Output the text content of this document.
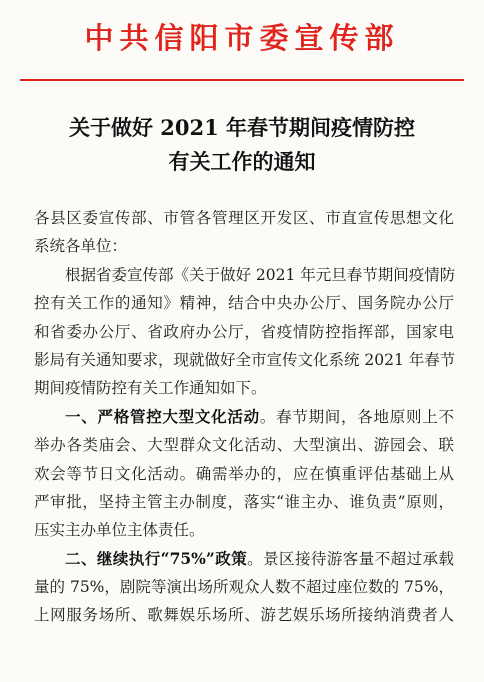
中共信阳市委宣传部
关于做好 2021 年春节期间疫情防控
有关工作的通知
各县区委宣传部、市管各管理区开发区、市直宣传思想文化
系统各单位：
根据省委宣传部《关于做好 2021 年元旦春节期间疫情防
控有关工作的通知》精神，结合中央办公厅、国务院办公厅
和省委办公厅、省政府办公厅，省疫情防控指挥部，国家电
影局有关通知要求，现就做好全市宣传文化系统 2021 年春节
期间疫情防控有关工作通知如下。
一、严格管控大型文化活动。春节期间，各地原则上不
举办各类庙会、大型群众文化活动、大型演出、游园会、联
欢会等节日文化活动。确需举办的，应在慎重评估基础上从
严审批，坚持主管主办制度，落实“谁主办、谁负责”原则，
压实主办单位主体责任。
二、继续执行“75%”政策。景区接待游客量不超过承载
量的 75%，剧院等演出场所观众人数不超过座位数的 75%，
上网服务场所、歌舞娱乐场所、游艺娱乐场所接纳消费者人
